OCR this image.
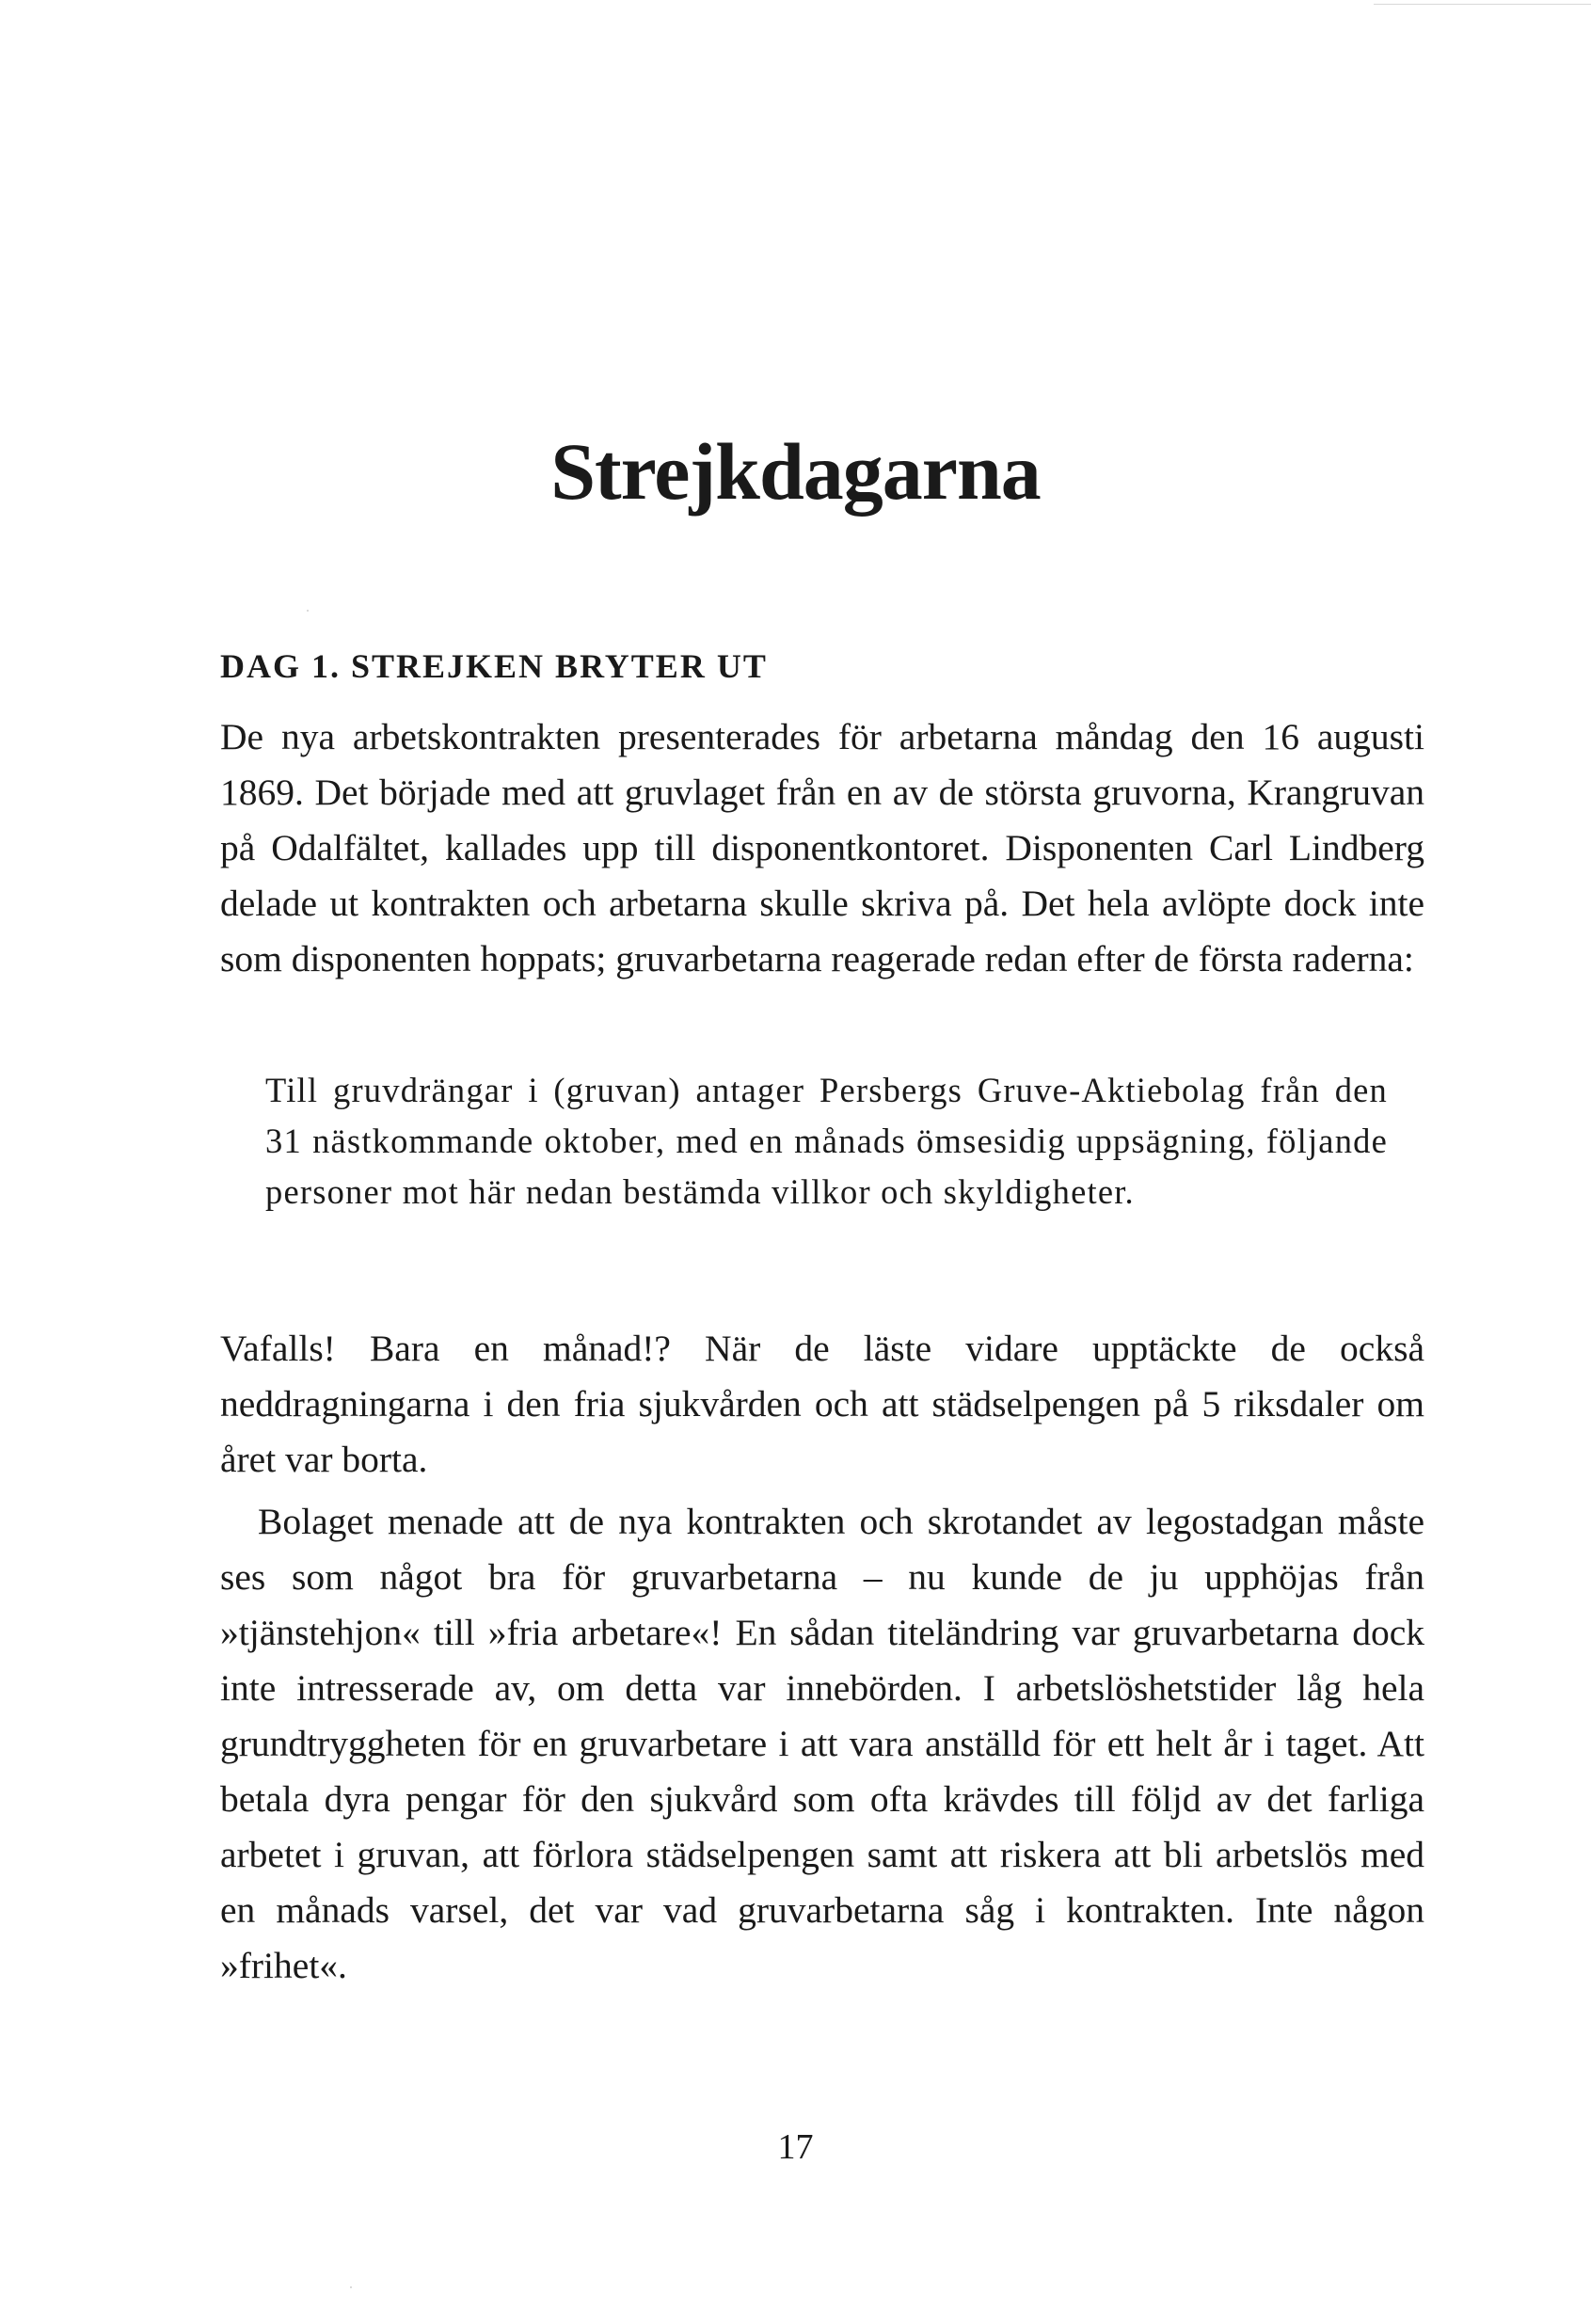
Strejkdagarna
DAG 1. STREJKEN BRYTER UT

De nya arbetskontrakten presenterades för arbetarna måndag den 16 augusti 1869. Det började med att gruvlaget från en av de största gruvorna, Krangruvan på Odalfältet, kallades upp till disponentkontoret. Disponenten Carl Lindberg delade ut kontrakten och arbetarna skulle skriva på. Det hela avlöpte dock inte som disponenten hoppats; gruvarbetarna reagerade redan efter de första raderna:

Till gruvdrängar i (gruvan) antager Persbergs Gruve-Aktiebolag från den 31 nästkommande oktober, med en månads ömsesidig uppsägning, följande personer mot här nedan bestämda villkor och skyldigheter.

Vafalls! Bara en månad!? När de läste vidare upptäckte de också neddragningarna i den fria sjukvården och att städselpengen på 5 riksdaler om året var borta.

Bolaget menade att de nya kontrakten och skrotandet av legostadgan måste ses som något bra för gruvarbetarna – nu kunde de ju upphöjas från »tjänstehjon« till »fria arbetare«! En sådan titeländring var gruvarbetarna dock inte intresserade av, om detta var innebörden. I arbetslöshetstider låg hela grundtryggheten för en gruvarbetare i att vara anställd för ett helt år i taget. Att betala dyra pengar för den sjukvård som ofta krävdes till följd av det farliga arbetet i gruvan, att förlora städselpengen samt att riskera att bli arbetslös med en månads varsel, det var vad gruvarbetarna såg i kontrakten. Inte någon »frihet«.

17
